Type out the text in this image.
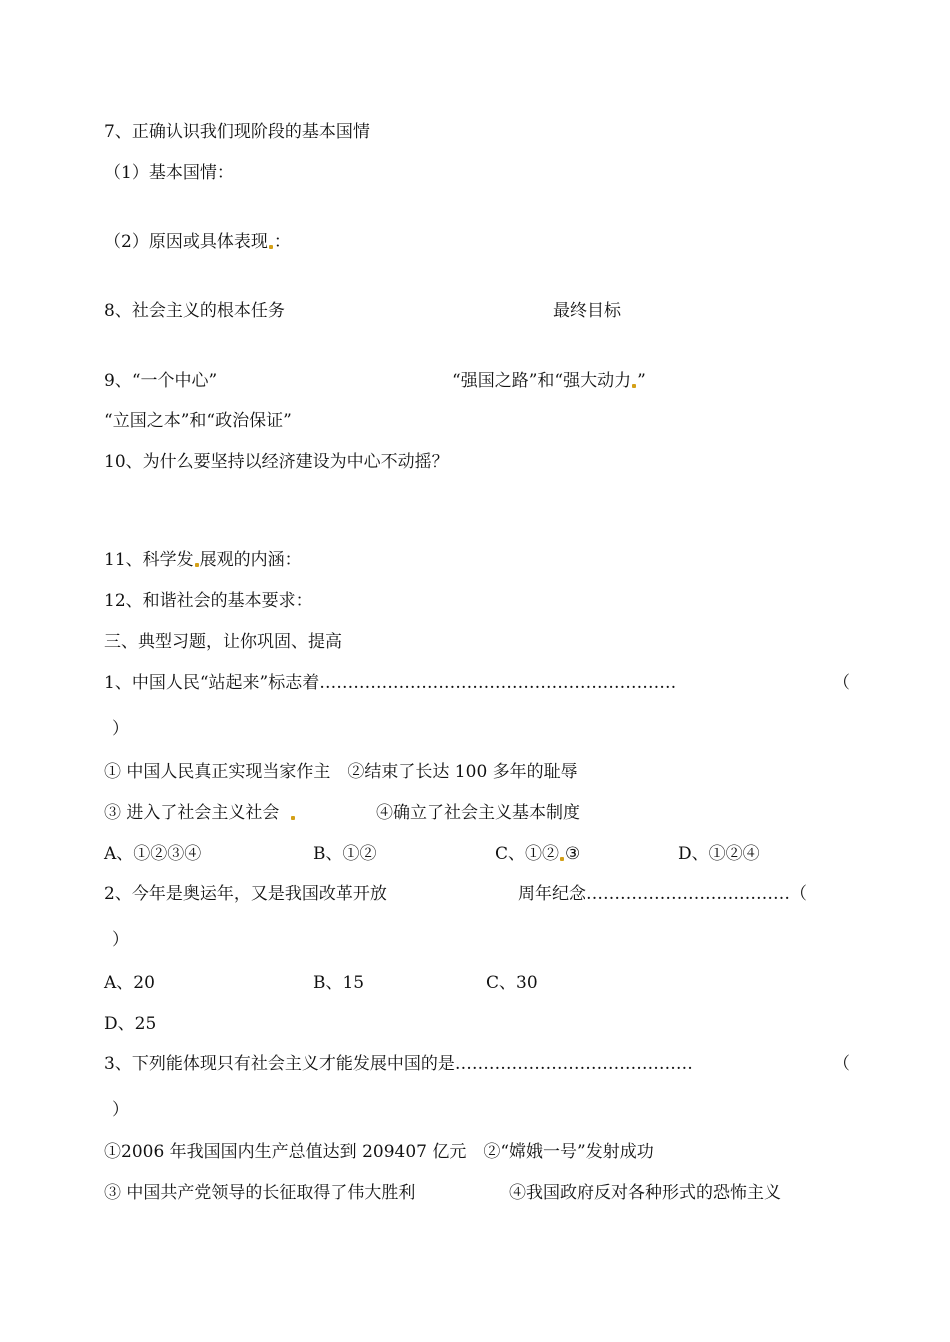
7、正确认识我们现阶段的基本国情
（1）基本国情：
（2）原因或具体表现 ：
8、社会主义的根本任务	最终目标
9、“一个中心”	“强国之路”和“强大动力 ”
“立国之本”和“政治保证”
10、为什么要坚持以经济建设为中心不动摇？
11、科学发 展观的内涵：
12、和谐社会的基本要求：
三、典型习题，让你巩固、提高
1、中国人民“站起来”标志着………………………………………………………	（
）
① 中国人民真正实现当家作主　②结束了长达 100 多年的耻辱
③ 进入了社会主义社会	④确立了社会主义基本制度
A、①②③④	B、①②	C、①② ③	D、①②④
2、今年是奥运年，又是我国改革开放	周年纪念………………………………（
）
A、20	B、15	C、30
D、25
3、下列能体现只有社会主义才能发展中国的是……………………………………	（
）
①2006 年我国国内生产总值达到 209407 亿元　②“嫦娥一号”发射成功
③ 中国共产党领导的长征取得了伟大胜利	④我国政府反对各种形式的恐怖主义
